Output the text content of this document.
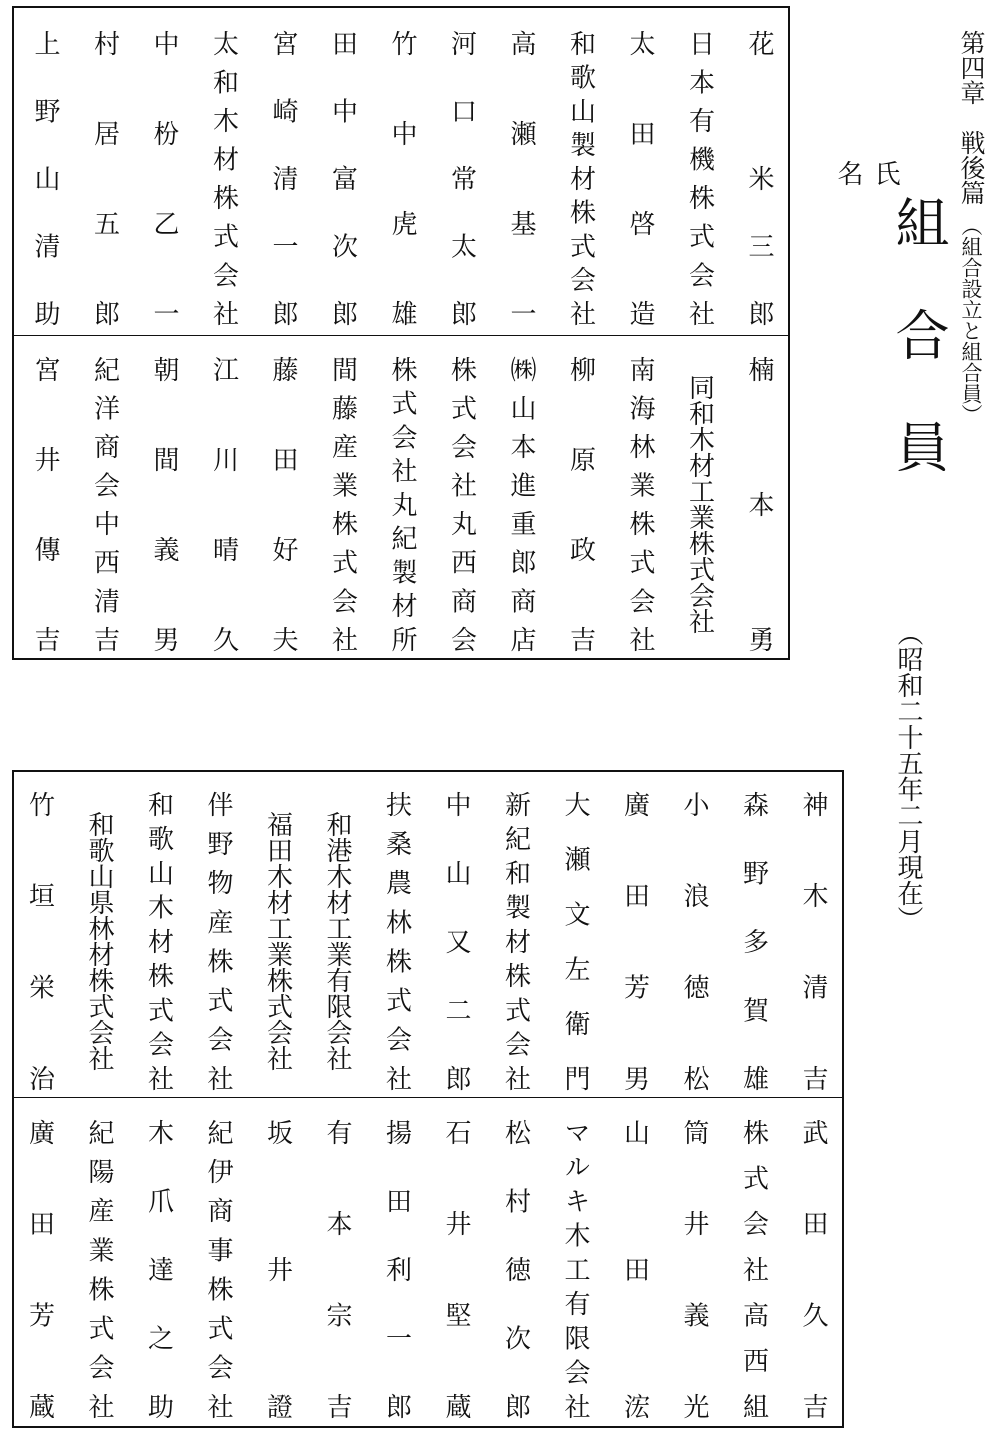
第四章　戦後篇（組合設立と組合員）
組合員
（昭和二十五年二月現在）
氏
名
花　米三郎
日本有機株式会社
太田啓造
和歌山製材株式会社
高瀬基一
河口常太郎
竹中虎雄
田中富次郎
宮崎清一郎
太和木材株式会社
中枌乙一
村居五郎
上野山清助
楠本勇
同和木材工業株式会社
南海林業株式会社
柳原政吉
㈱山本進重郎商店
株式会社丸西商会
株式会社丸紀製材所
間藤産業株式会社
藤田好夫
江川晴久
朝間義男
紀洋商会中西清吉
宮井傳吉
神木清吉
森野多賀雄
小浪徳松
廣田芳男
大瀬文左衛門
新紀和製材株式会社
中山又二郎
扶桑農林株式会社
和港木材工業有限会社
福田木材工業株式会社
伴野物産株式会社
和歌山木材株式会社
和歌山県林材株式会社
竹垣栄治
武田久吉
株式会社高西組
筒井義光
山田浤
マルキ木工有限会社
松村徳次郎
石井堅蔵
揚田利一郎
有本宗吉
坂井證
紀伊商事株式会社
木爪達之助
紀陽産業株式会社
廣田芳蔵
